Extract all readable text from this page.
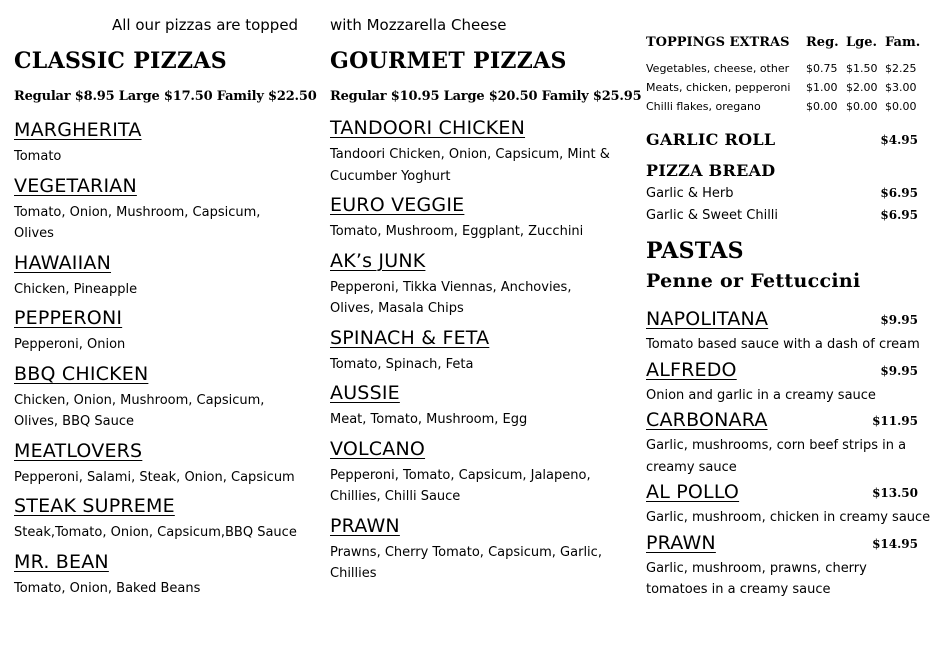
All our pizzas are topped with Mozzarella Cheese
CLASSIC PIZZAS
Regular $8.95 Large $17.50 Family $22.50
MARGHERITA
Tomato
VEGETARIAN
Tomato, Onion, Mushroom, Capsicum,
Olives
HAWAIIAN
Chicken, Pineapple
PEPPERONI
Pepperoni, Onion
BBQ CHICKEN
Chicken, Onion, Mushroom, Capsicum,
Olives, BBQ Sauce
MEATLOVERS
Pepperoni, Salami, Steak, Onion, Capsicum
STEAK SUPREME
Steak,Tomato, Onion, Capsicum,BBQ Sauce
MR. BEAN
Tomato, Onion, Baked Beans
GOURMET PIZZAS
Regular $10.95 Large $20.50 Family $25.95
TANDOORI CHICKEN
Tandoori Chicken, Onion, Capsicum, Mint &
Cucumber Yoghurt
EURO VEGGIE
Tomato, Mushroom, Eggplant, Zucchini
AK’s JUNK
Pepperoni, Tikka Viennas, Anchovies,
Olives, Masala Chips
SPINACH & FETA
Tomato, Spinach, Feta
AUSSIE
Meat, Tomato, Mushroom, Egg
VOLCANO
Pepperoni, Tomato, Capsicum, Jalapeno,
Chillies, Chilli Sauce
PRAWN
Prawns, Cherry Tomato, Capsicum, Garlic,
Chillies
TOPPINGS EXTRAS Reg. Lge. Fam.
Vegetables, cheese, other $0.75 $1.50 $2.25
Meats, chicken, pepperoni $1.00 $2.00 $3.00
Chilli flakes, oregano	$0.00 $0.00 $0.00
GARLIC ROLL	$4.95
PIZZA BREAD
Garlic & Herb	$6.95
Garlic & Sweet Chilli	$6.95
PASTAS
Penne or Fettuccini
NAPOLITANA	$9.95
Tomato based sauce with a dash of cream
ALFREDO	$9.95
Onion and garlic in a creamy sauce
CARBONARA	$11.95
Garlic, mushrooms, corn beef strips in a
creamy sauce
AL POLLO	$13.50
Garlic, mushroom, chicken in creamy sauce
PRAWN	$14.95
Garlic, mushroom, prawns, cherry
tomatoes in a creamy sauce
